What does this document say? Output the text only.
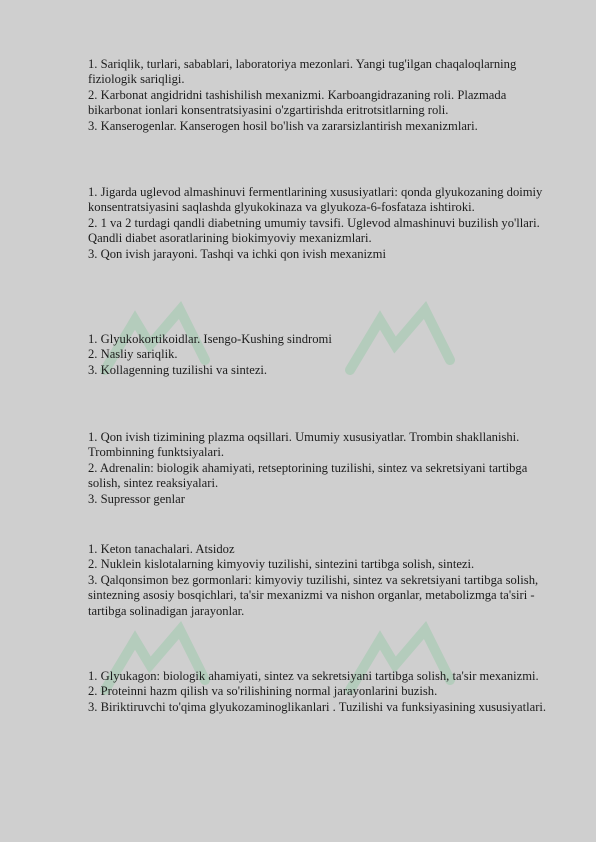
1. Sariqlik, turlari, sabablari, laboratoriya mezonlari. Yangi tug'ilgan chaqaloqlarning fiziologik sariqligi.

2. Karbonat angidridni tashishilish mexanizmi. Karboangidrazaning roli. Plazmada bikarbonat ionlari konsentratsiyasini o'zgartirishda eritrotsitlarning roli.

3. Kanserogenlar. Kanserogen hosil bo'lish va zararsizlantirish mexanizmlari.

1. Jigarda uglevod almashinuvi fermentlarining xususiyatlari: qonda glyukozaning doimiy konsentratsiyasini saqlashda glyukokinaza va glyukoza-6-fosfataza ishtiroki.

2. 1 va 2 turdagi qandli diabetning umumiy tavsifi. Uglevod almashinuvi buzilish yo'llari. Qandli diabet asoratlarining biokimyoviy mexanizmlari.

3. Qon ivish jarayoni. Tashqi va ichki qon ivish mexanizmi

1. Glyukokortikoidlar. Isengo-Kushing sindromi

2. Nasliy sariqlik.

3. Kollagenning tuzilishi va sintezi.

1. Qon ivish tizimining plazma oqsillari. Umumiy xususiyatlar. Trombin shakllanishi. Trombinning funktsiyalari.

2. Adrenalin: biologik ahamiyati, retseptorining tuzilishi, sintez va sekretsiyani tartibga solish, sintez reaksiyalari.

3. Supressor genlar

1. Keton tanachalari. Atsidoz

2. Nuklein kislotalarning kimyoviy tuzilishi, sintezini tartibga solish, sintezi.

3. Qalqonsimon bez gormonlari: kimyoviy tuzilishi, sintez va sekretsiyani tartibga solish, sintezning asosiy bosqichlari, ta'sir mexanizmi va nishon organlar, metabolizmga ta'siri - tartibga solinadigan jarayonlar.

1. Glyukagon: biologik ahamiyati, sintez va sekretsiyani tartibga solish, ta'sir mexanizmi.

2. Proteinni hazm qilish va so'rilishining normal jarayonlarini buzish.

3. Biriktiruvchi to'qima glyukozaminoglikanlari . Tuzilishi va funksiyasining xususiyatlari.
